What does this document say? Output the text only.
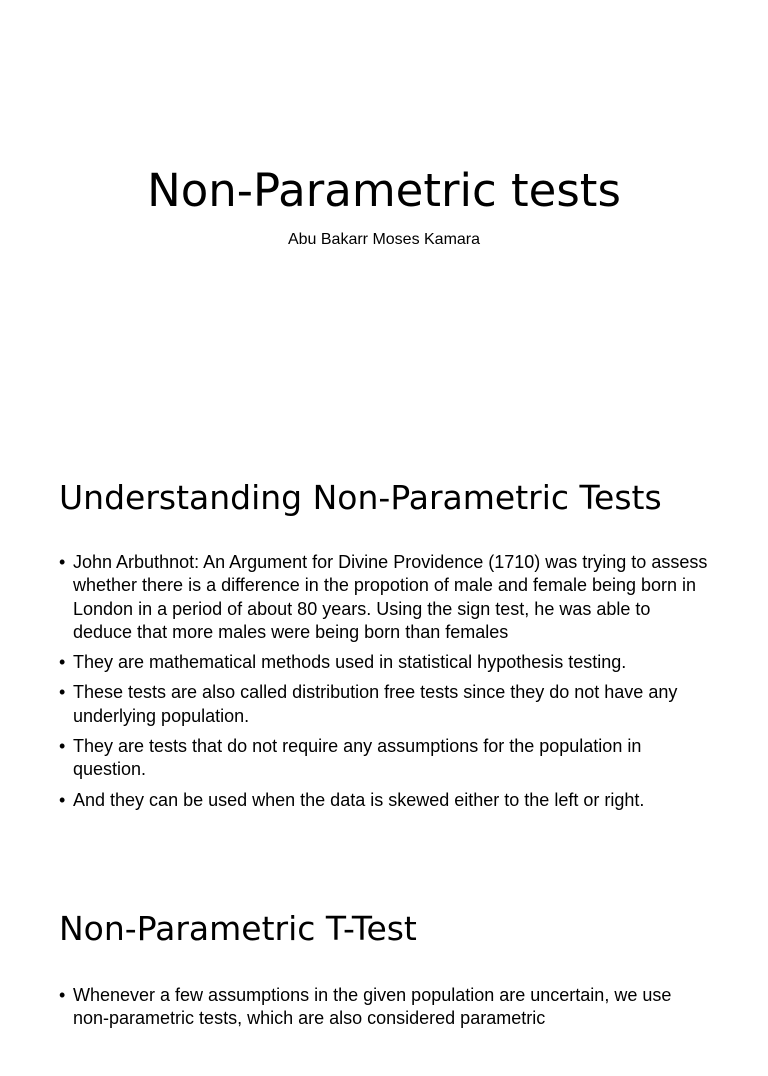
Non-Parametric tests
Abu Bakarr Moses Kamara
Understanding Non-Parametric Tests
• John Arbuthnot: An Argument for Divine Providence (1710) was trying to assess whether there is a difference in the propotion of male and female being born in London in a period of about 80 years. Using the sign test, he was able to deduce that more males were being born than females
• They are mathematical methods used in statistical hypothesis testing.
• These tests are also called distribution free tests since they do not have any underlying population.
• They are tests that do not require any assumptions for the population in question.
• And they can be used when the data is skewed either to the left or right.
Non-Parametric T-Test
• Whenever a few assumptions in the given population are uncertain, we use non-parametric tests, which are also considered parametric
